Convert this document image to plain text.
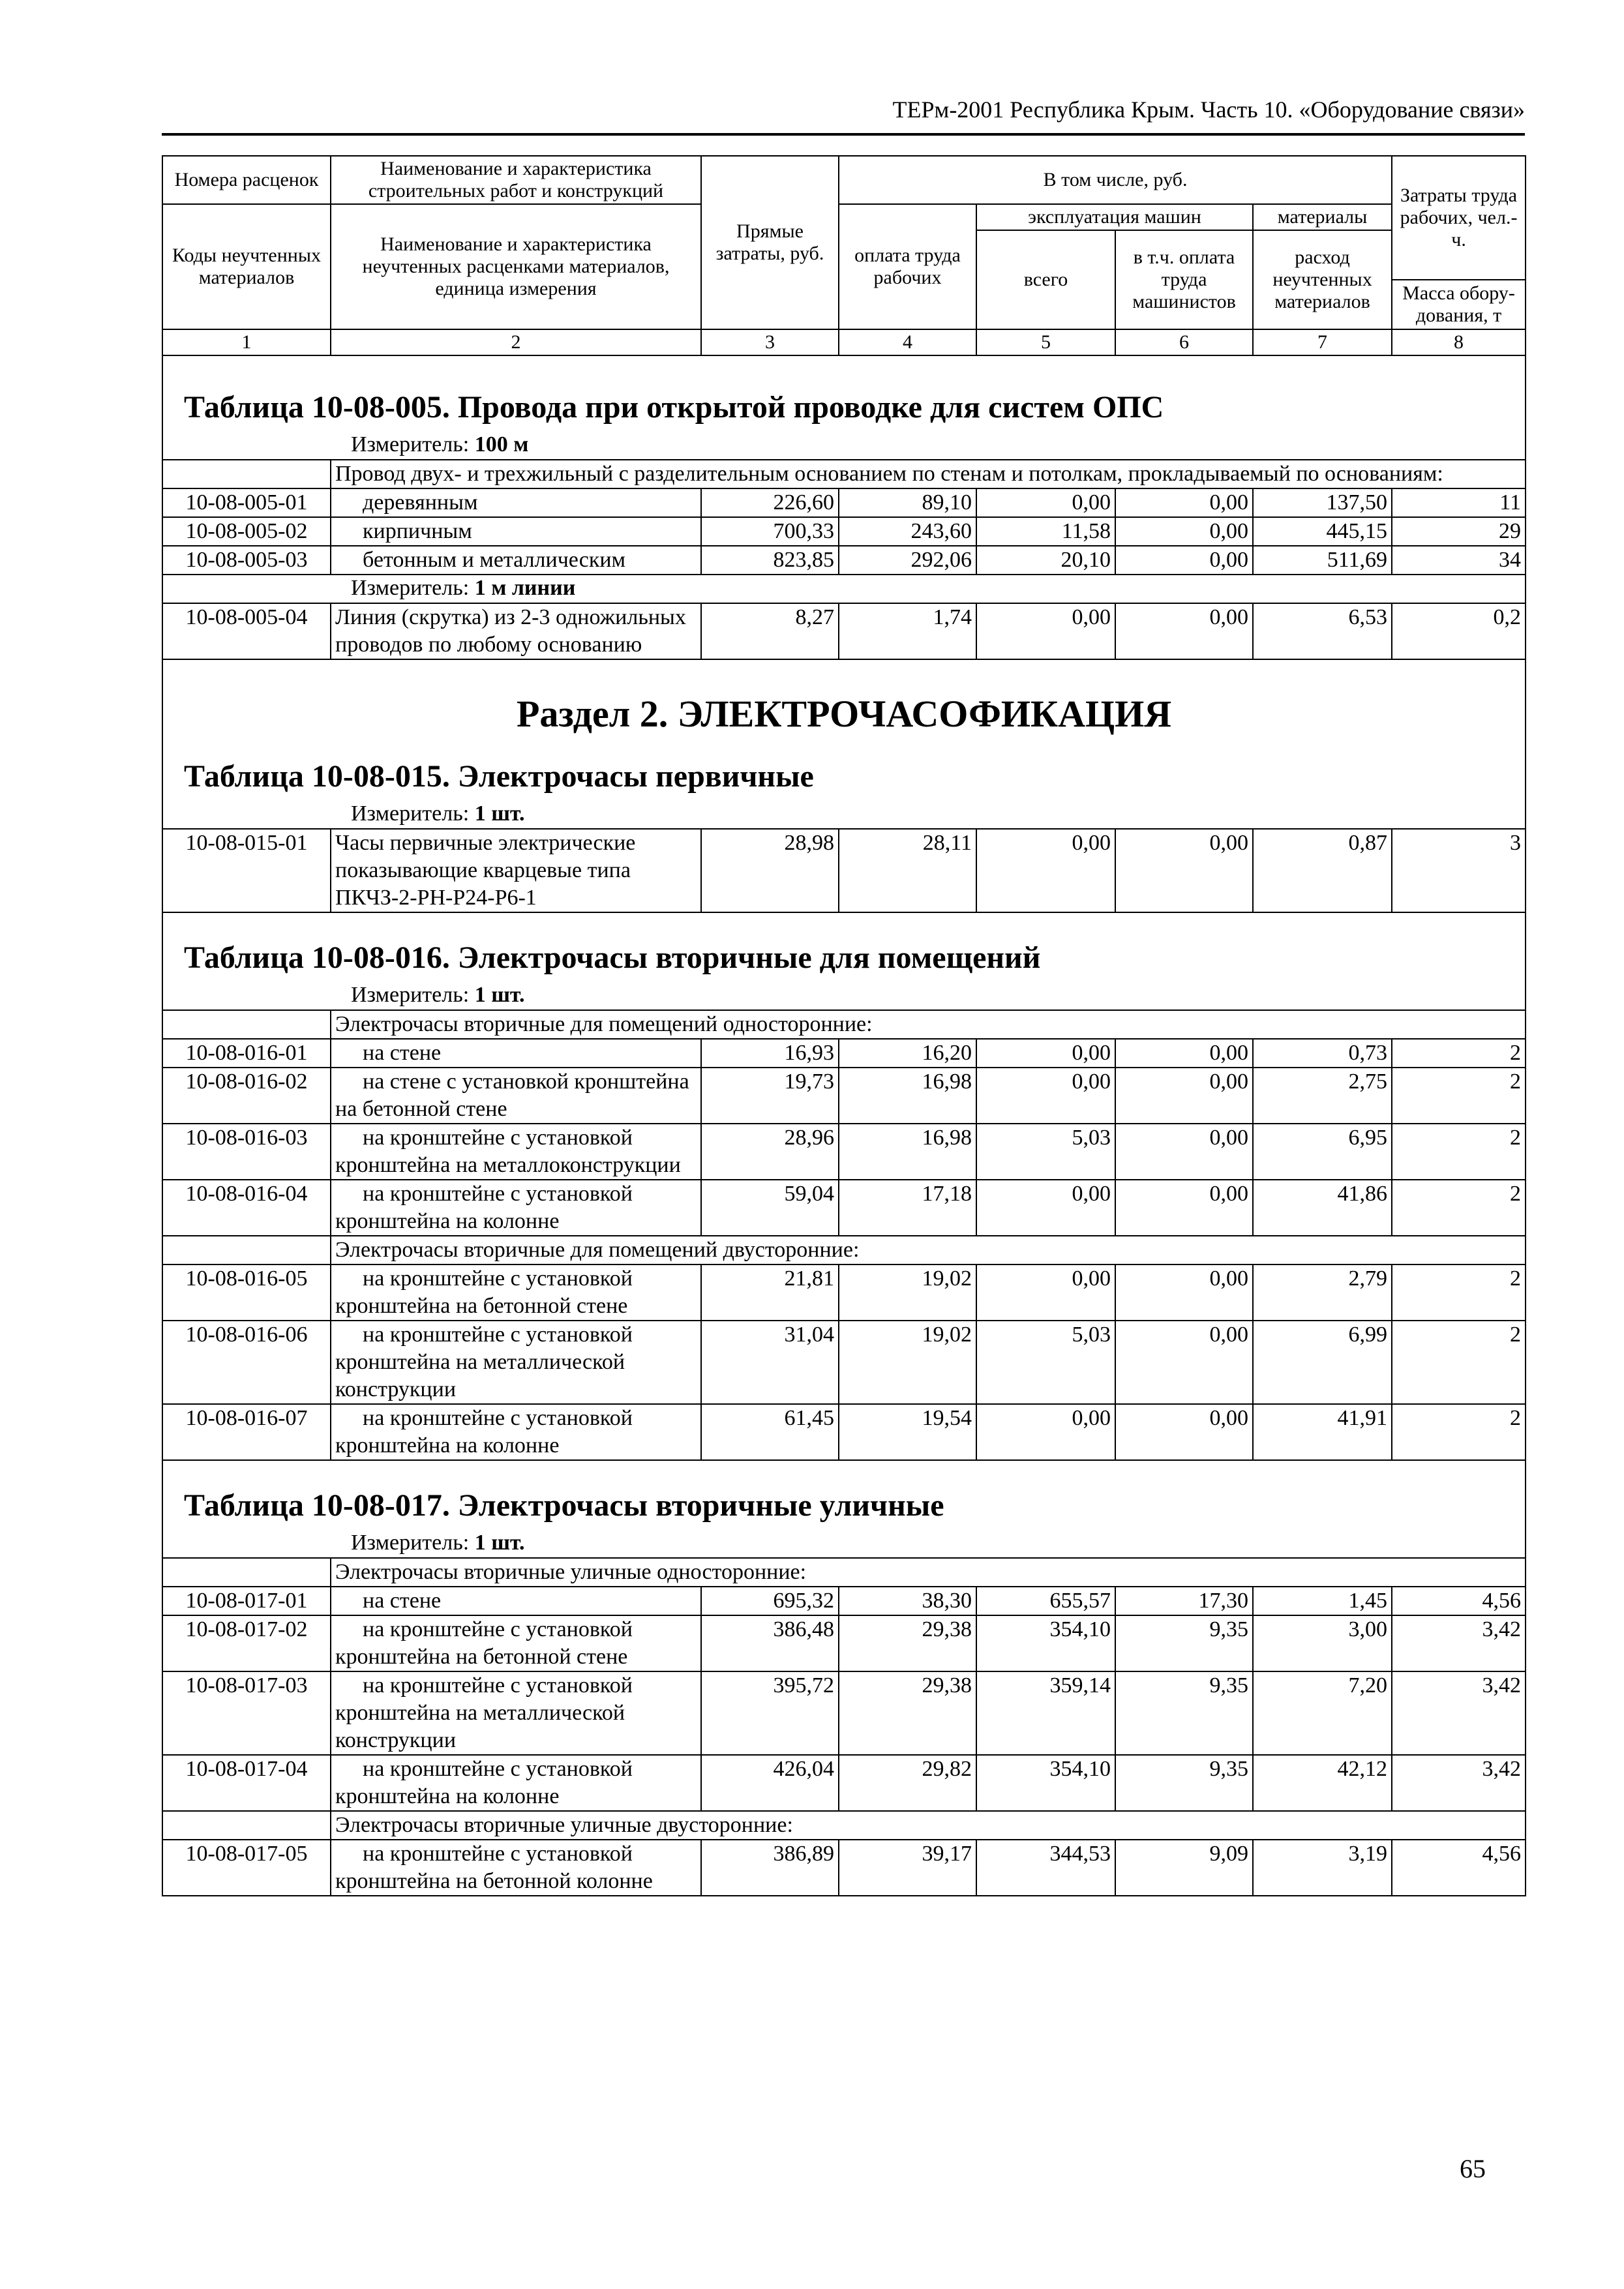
ТЕРм-2001 Республика Крым. Часть 10. «Оборудование связи»
Номера расценок	Наименование и характеристика строительных работ и конструкций	Прямые затраты, руб.	В том числе, руб.				Затраты труда рабочих, чел.-ч.
Коды неучтенных материалов	Наименование и характеристика неучтенных расценками материалов, единица измерения		оплата труда рабочих	эксплуатация машин		материалы	
				всего	в т.ч. оплата труда машинистов	расход неучтенных материалов	
							Масса обору-дования, т
1	2	3	4	5	6	7	8

Таблица 10-08-005. Провода при открытой проводке для систем ОПС
Измеритель: 100 м							

	Провод двух- и трехжильный с разделительным основанием по стенам и потолкам, прокладываемый по основаниям:						
10-08-005-01	деревянным	226,60	89,10	0,00	0,00	137,50	11
10-08-005-02	кирпичным	700,33	243,60	11,58	0,00	445,15	29
10-08-005-03	бетонным и металлическим	823,85	292,06	20,10	0,00	511,69	34

Измеритель: 1 м линии							

10-08-005-04	Линия (скрутка) из 2-3 одножильных проводов по любому основанию	8,27	1,74	0,00	0,00	6,53	0,2

Раздел 2. ЭЛЕКТРОЧАСОФИКАЦИЯ
Таблица 10-08-015. Электрочасы первичные
Измеритель: 1 шт.							

10-08-015-01	Часы первичные электрические показывающие кварцевые типа ПКЧЗ-2-РН-Р24-Р6-1	28,98	28,11	0,00	0,00	0,87	3

Таблица 10-08-016. Электрочасы вторичные для помещений
Измеритель: 1 шт.							

	Электрочасы вторичные для помещений односторонние:						
10-08-016-01	на стене	16,93	16,20	0,00	0,00	0,73	2
10-08-016-02	на стене с установкой кронштейна на бетонной стене	19,73	16,98	0,00	0,00	2,75	2
10-08-016-03	на кронштейне с установкой кронштейна на металлоконструкции	28,96	16,98	5,03	0,00	6,95	2
10-08-016-04	на кронштейне с установкой кронштейна на колонне	59,04	17,18	0,00	0,00	41,86	2
	Электрочасы вторичные для помещений двусторонние:						
10-08-016-05	на кронштейне с установкой кронштейна на бетонной стене	21,81	19,02	0,00	0,00	2,79	2
10-08-016-06	на кронштейне с установкой кронштейна на металлической конструкции	31,04	19,02	5,03	0,00	6,99	2
10-08-016-07	на кронштейне с установкой кронштейна на колонне	61,45	19,54	0,00	0,00	41,91	2

Таблица 10-08-017. Электрочасы вторичные уличные
Измеритель: 1 шт.							

	Электрочасы вторичные уличные односторонние:						
10-08-017-01	на стене	695,32	38,30	655,57	17,30	1,45	4,56
10-08-017-02	на кронштейне с установкой кронштейна на бетонной стене	386,48	29,38	354,10	9,35	3,00	3,42
10-08-017-03	на кронштейне с установкой кронштейна на металлической конструкции	395,72	29,38	359,14	9,35	7,20	3,42
10-08-017-04	на кронштейне с установкой кронштейна на колонне	426,04	29,82	354,10	9,35	42,12	3,42
	Электрочасы вторичные уличные двусторонние:						
10-08-017-05	на кронштейне с установкой кронштейна на бетонной колонне	386,89	39,17	344,53	9,09	3,19	4,56
65
